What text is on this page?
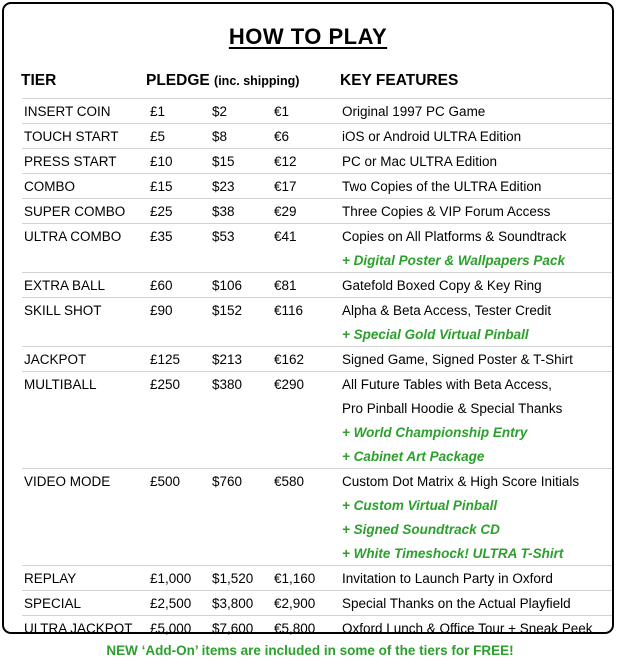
HOW TO PLAY
TIER	PLEDGE (inc. shipping)	KEY FEATURES
INSERT COIN	£1	$2	€1	Original 1997 PC Game
TOUCH START £5	$8	€6	iOS or Android ULTRA Edition
PRESS START £10	$15	€12	PC or Mac ULTRA Edition
COMBO	£15	$23	€17	Two Copies of the ULTRA Edition
SUPER COMBO £25	$38	€29	Three Copies & VIP Forum Access
ULTRA COMBO £35	$53	€41	Copies on All Platforms & Soundtrack
+ Digital Poster & Wallpapers Pack
EXTRA BALL	£60	$106 €81	Gatefold Boxed Copy & Key Ring
SKILL SHOT	£90	$152 €116	Alpha & Beta Access, Tester Credit
+ Special Gold Virtual Pinball
JACKPOT	£125 $213 €162	Signed Game, Signed Poster & T-Shirt
MULTIBALL	£250 $380 €290	All Future Tables with Beta Access,
Pro Pinball Hoodie & Special Thanks
+ World Championship Entry
+ Cabinet Art Package
VIDEO MODE	£500 $760 €580	Custom Dot Matrix & High Score Initials
+ Custom Virtual Pinball
+ Signed Soundtrack CD
+ White Timeshock! ULTRA T-Shirt
REPLAY	£1,000 $1,520 €1,160 Invitation to Launch Party in Oxford
SPECIAL	£2,500 $3,800 €2,900 Special Thanks on the Actual Playfield
ULTRA JACKPOT £5,000 $7,600 €5,800 Oxford Lunch & Office Tour + Sneak Peek
NEW ‘Add-On’ items are included in some of the tiers for FREE!
